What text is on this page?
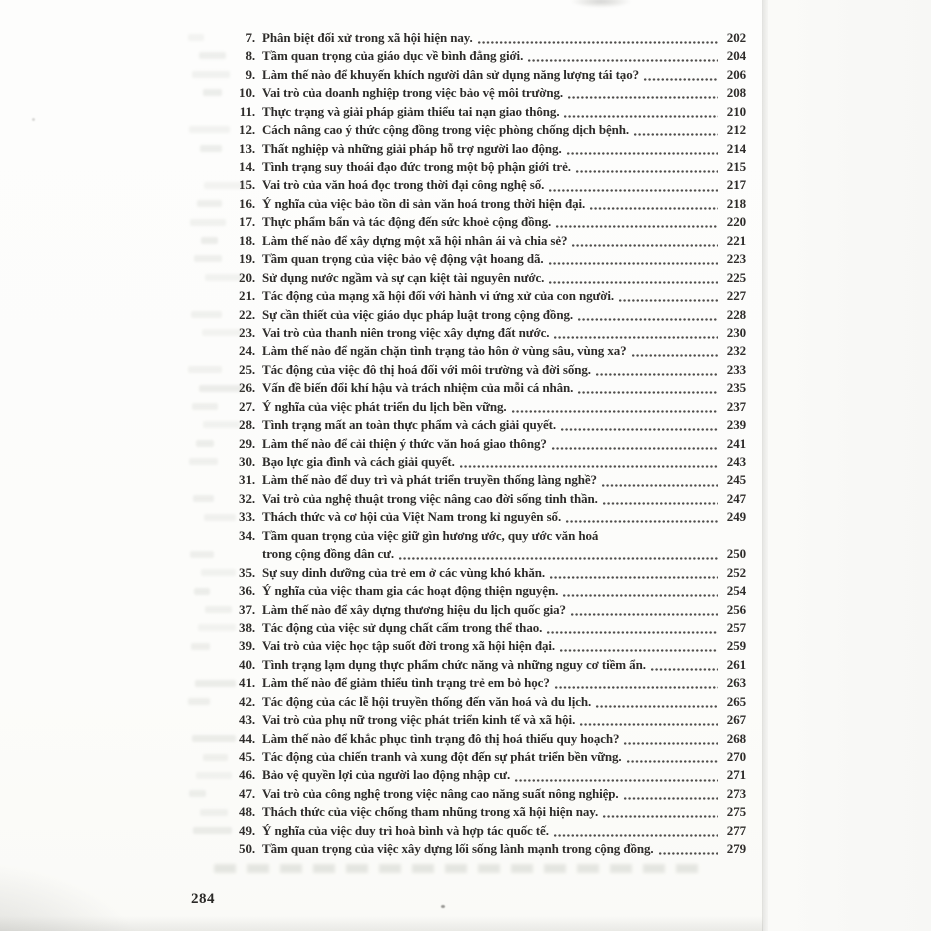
7. Phân biệt đối xử trong xã hội hiện nay.	202
8. Tầm quan trọng của giáo dục về bình đẳng giới.	204
9. Làm thế nào để khuyến khích người dân sử dụng năng lượng tái tạo?	206
10. Vai trò của doanh nghiệp trong việc bảo vệ môi trường.	208
11. Thực trạng và giải pháp giảm thiểu tai nạn giao thông.	210
12. Cách nâng cao ý thức cộng đồng trong việc phòng chống dịch bệnh.	212
13. Thất nghiệp và những giải pháp hỗ trợ người lao động.	214
14. Tình trạng suy thoái đạo đức trong một bộ phận giới trẻ.	215
15. Vai trò của văn hoá đọc trong thời đại công nghệ số.	217
16. Ý nghĩa của việc bảo tồn di sản văn hoá trong thời hiện đại.	218
17. Thực phẩm bẩn và tác động đến sức khoẻ cộng đồng.	220
18. Làm thế nào để xây dựng một xã hội nhân ái và chia sẻ?	221
19. Tầm quan trọng của việc bảo vệ động vật hoang dã.	223
20. Sử dụng nước ngầm và sự cạn kiệt tài nguyên nước.	225
21. Tác động của mạng xã hội đối với hành vi ứng xử của con người.	227
22. Sự cần thiết của việc giáo dục pháp luật trong cộng đồng.	228
23. Vai trò của thanh niên trong việc xây dựng đất nước.	230
24. Làm thế nào để ngăn chặn tình trạng tảo hôn ở vùng sâu, vùng xa?	232
25. Tác động của việc đô thị hoá đối với môi trường và đời sống.	233
26. Vấn đề biến đổi khí hậu và trách nhiệm của mỗi cá nhân.	235
27. Ý nghĩa của việc phát triển du lịch bền vững.	237
28. Tình trạng mất an toàn thực phẩm và cách giải quyết.	239
29. Làm thế nào để cải thiện ý thức văn hoá giao thông?	241
30. Bạo lực gia đình và cách giải quyết.	243
31. Làm thế nào để duy trì và phát triển truyền thống làng nghề?	245
32. Vai trò của nghệ thuật trong việc nâng cao đời sống tinh thần.	247
33. Thách thức và cơ hội của Việt Nam trong kỉ nguyên số.	249
34. Tầm quan trọng của việc giữ gìn hương ước, quy ước văn hoá
trong cộng đồng dân cư.	250
35. Sự suy dinh dưỡng của trẻ em ở các vùng khó khăn.	252
36. Ý nghĩa của việc tham gia các hoạt động thiện nguyện.	254
37. Làm thế nào để xây dựng thương hiệu du lịch quốc gia?	256
38. Tác động của việc sử dụng chất cấm trong thể thao.	257
39. Vai trò của việc học tập suốt đời trong xã hội hiện đại.	259
40. Tình trạng lạm dụng thực phẩm chức năng và những nguy cơ tiềm ẩn.	261
41. Làm thế nào để giảm thiểu tình trạng trẻ em bỏ học?	263
42. Tác động của các lễ hội truyền thống đến văn hoá và du lịch.	265
43. Vai trò của phụ nữ trong việc phát triển kinh tế và xã hội.	267
44. Làm thế nào để khắc phục tình trạng đô thị hoá thiếu quy hoạch?	268
45. Tác động của chiến tranh và xung đột đến sự phát triển bền vững.	270
46. Bảo vệ quyền lợi của người lao động nhập cư.	271
47. Vai trò của công nghệ trong việc nâng cao năng suất nông nghiệp.	273
48. Thách thức của việc chống tham nhũng trong xã hội hiện nay.	275
49. Ý nghĩa của việc duy trì hoà bình và hợp tác quốc tế.	277
50. Tầm quan trọng của việc xây dựng lối sống lành mạnh trong cộng đồng.	279
284
